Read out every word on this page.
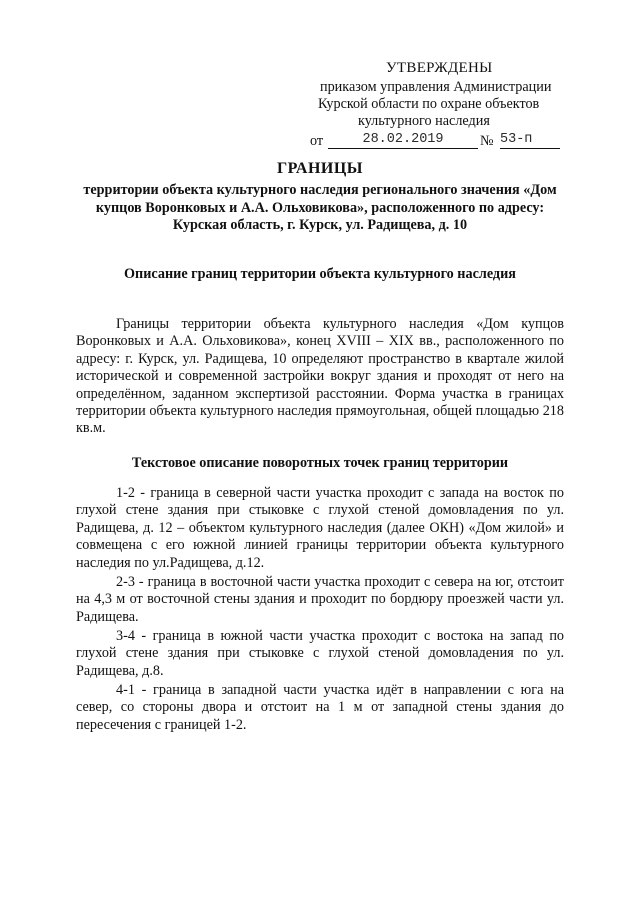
УТВЕРЖДЕНЫ
приказом управления Администрации
Курской области по охране объектов
культурного наследия
от	28.02.2019	№ 53-п
ГРАНИЦЫ
территории объекта культурного наследия регионального значения «Дом купцов Воронковых и А.А. Ольховикова», расположенного по адресу: Курская область, г. Курск, ул. Радищева, д. 10
Описание границ территории объекта культурного наследия
Границы территории объекта культурного наследия «Дом купцов Воронковых и А.А. Ольховикова», конец XVIII – XIX вв., расположенного по адресу: г. Курск, ул. Радищева, 10 определяют пространство в квартале жилой исторической и современной застройки вокруг здания и проходят от него на определённом, заданном экспертизой расстоянии. Форма участка в границах территории объекта культурного наследия прямоугольная, общей площадью 218 кв.м.
Текстовое описание поворотных точек границ территории
1-2 - граница в северной части участка проходит с запада на восток по глухой стене здания при стыковке с глухой стеной домовладения по ул. Радищева, д. 12 – объектом культурного наследия (далее ОКН) «Дом жилой» и совмещена с его южной линией границы территории объекта культурного наследия по ул.Радищева, д.12.
2-3 - граница в восточной части участка проходит с севера на юг, отстоит на 4,3 м от восточной стены здания и проходит по бордюру проезжей части ул. Радищева.
3-4 - граница в южной части участка проходит с востока на запад по глухой стене здания при стыковке с глухой стеной домовладения по ул. Радищева, д.8.
4-1 - граница в западной части участка идёт в направлении с юга на север, со стороны двора и отстоит на 1 м от западной стены здания до пересечения с границей 1-2.
